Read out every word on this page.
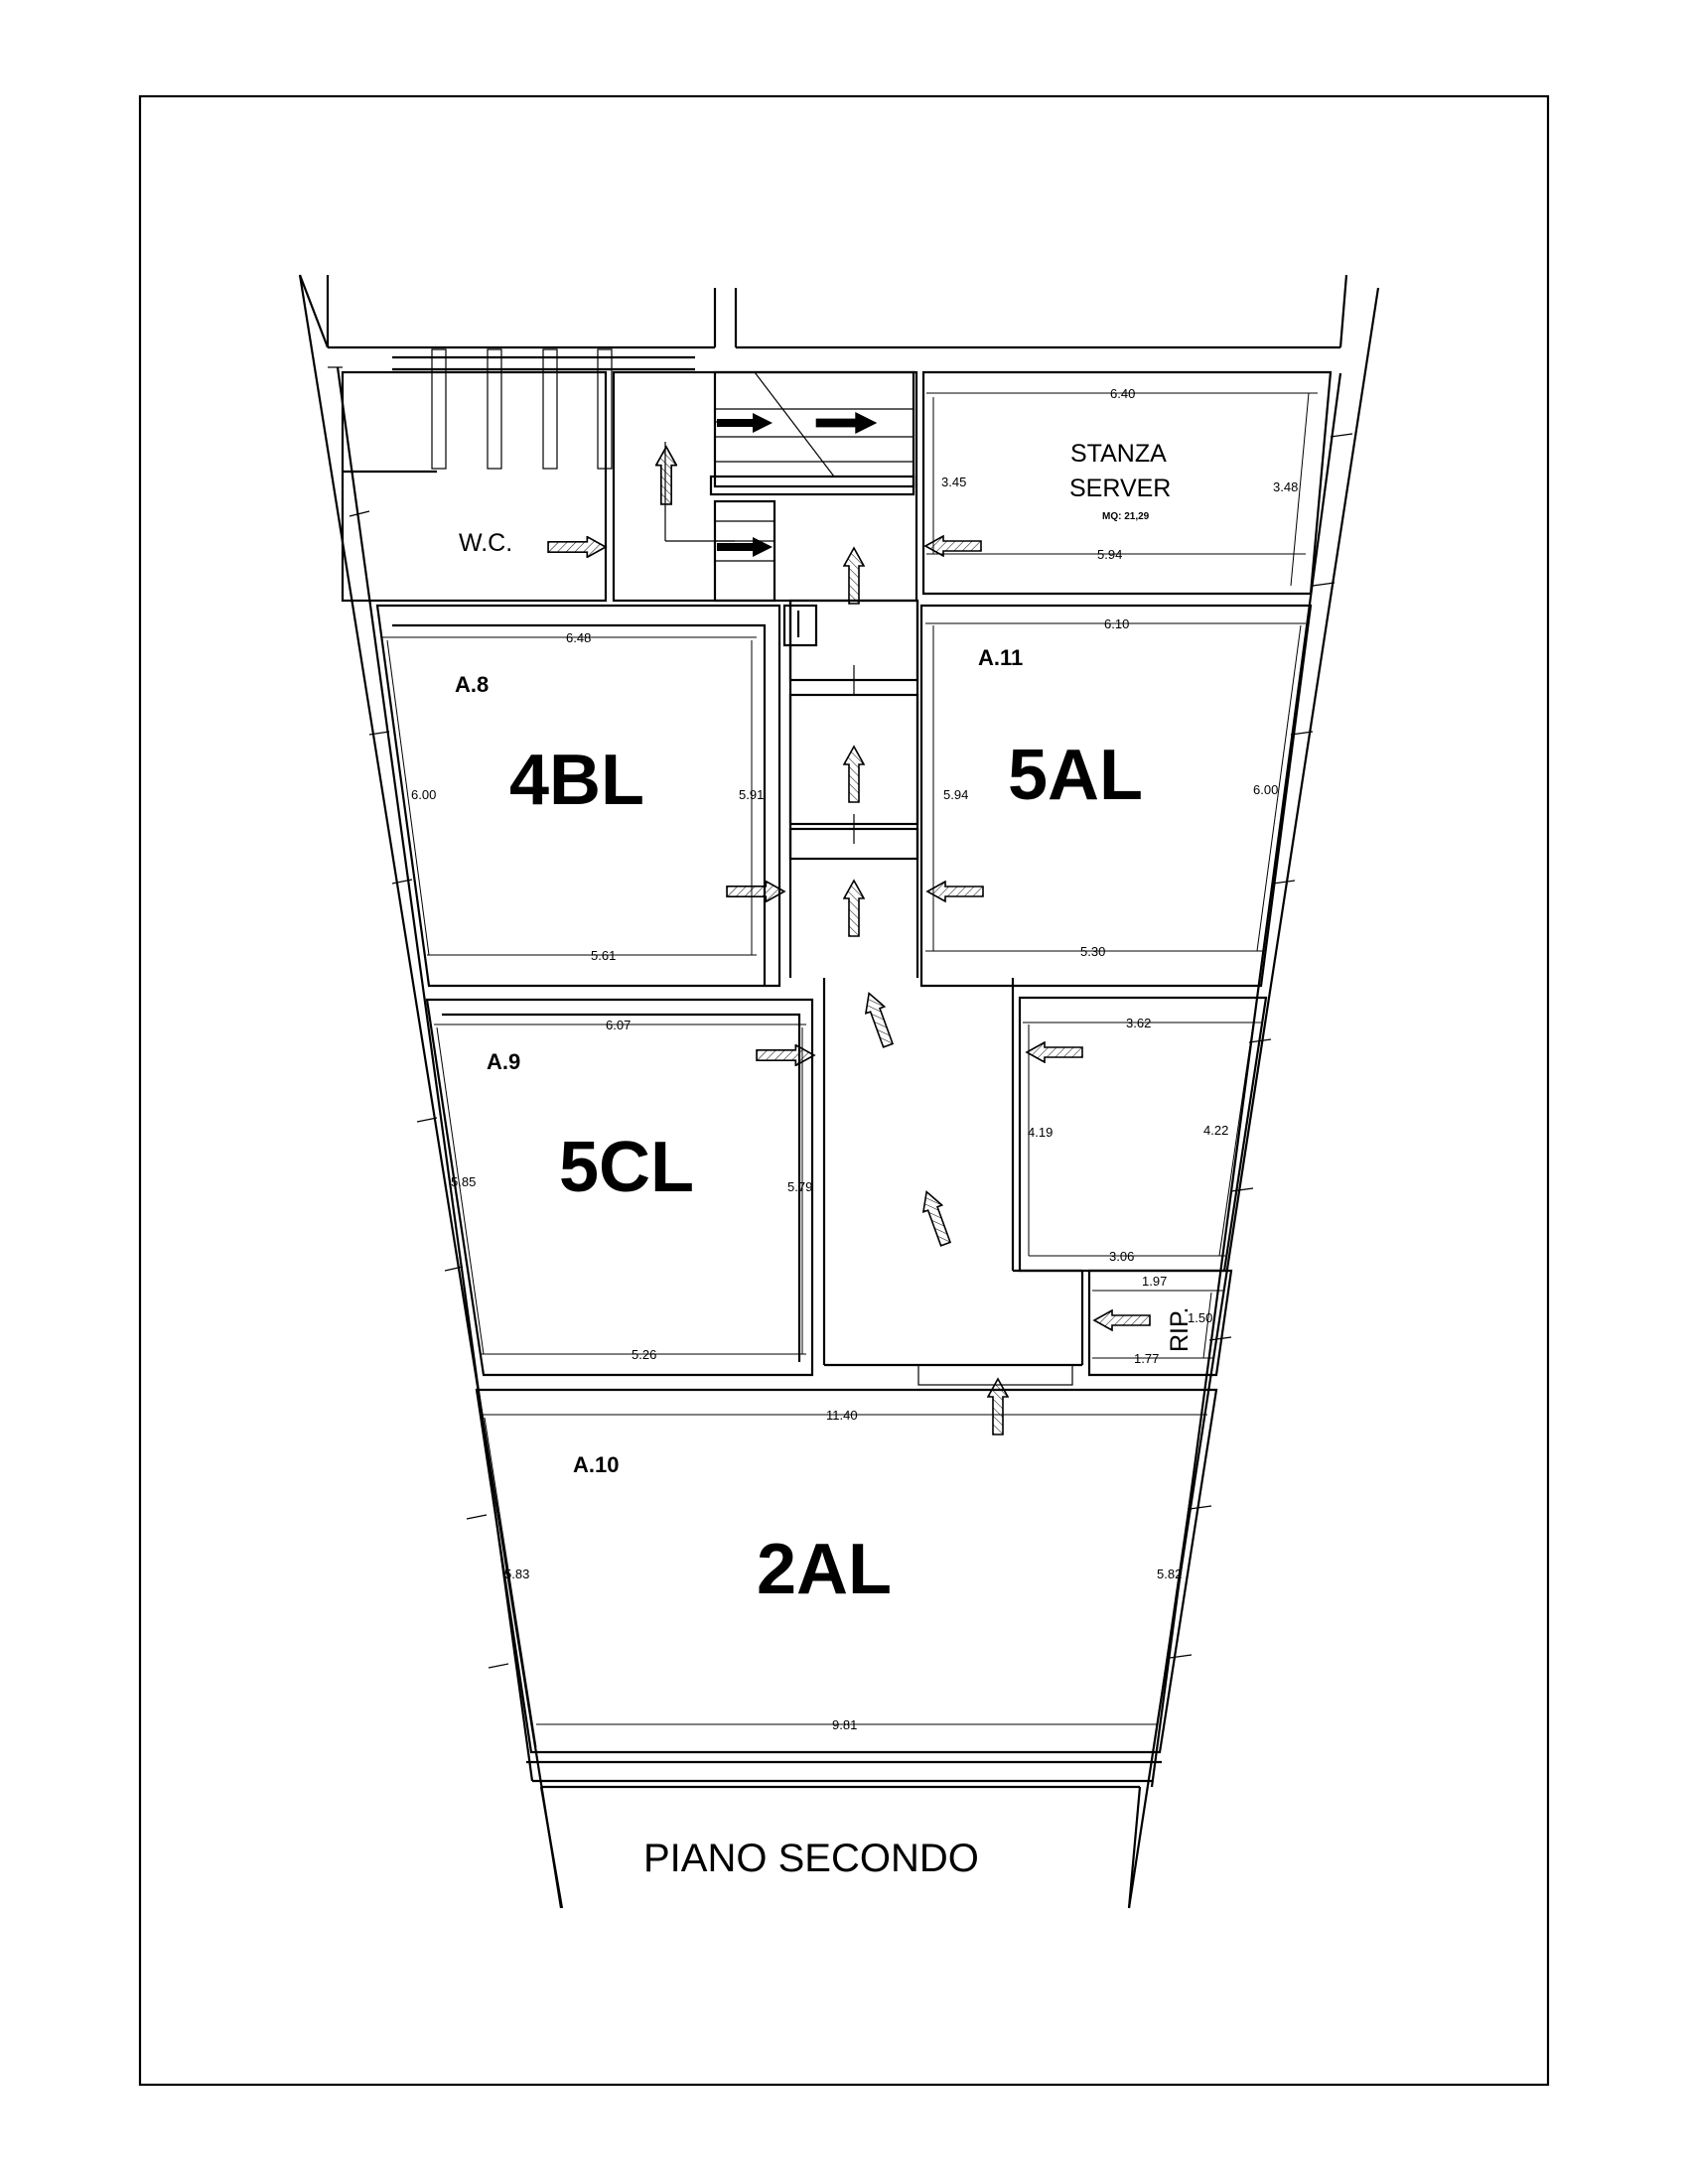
W.C.
6.40
3.45	3.48
5.94
STANZA
SERVER
MQ: 21,29
6.48
6.00	5.91
5.61
A.8
4BL
6.10
5.94	6.00
5.30
A.11
5AL
6.07
5.85	5.79
5.26
A.9
5CL
3.62
4.19	4.22
3.06
1.97
1.50
1.77
RIP.
11.40
5.83	5.82
9.81
A.10
2AL
PIANO SECONDO
